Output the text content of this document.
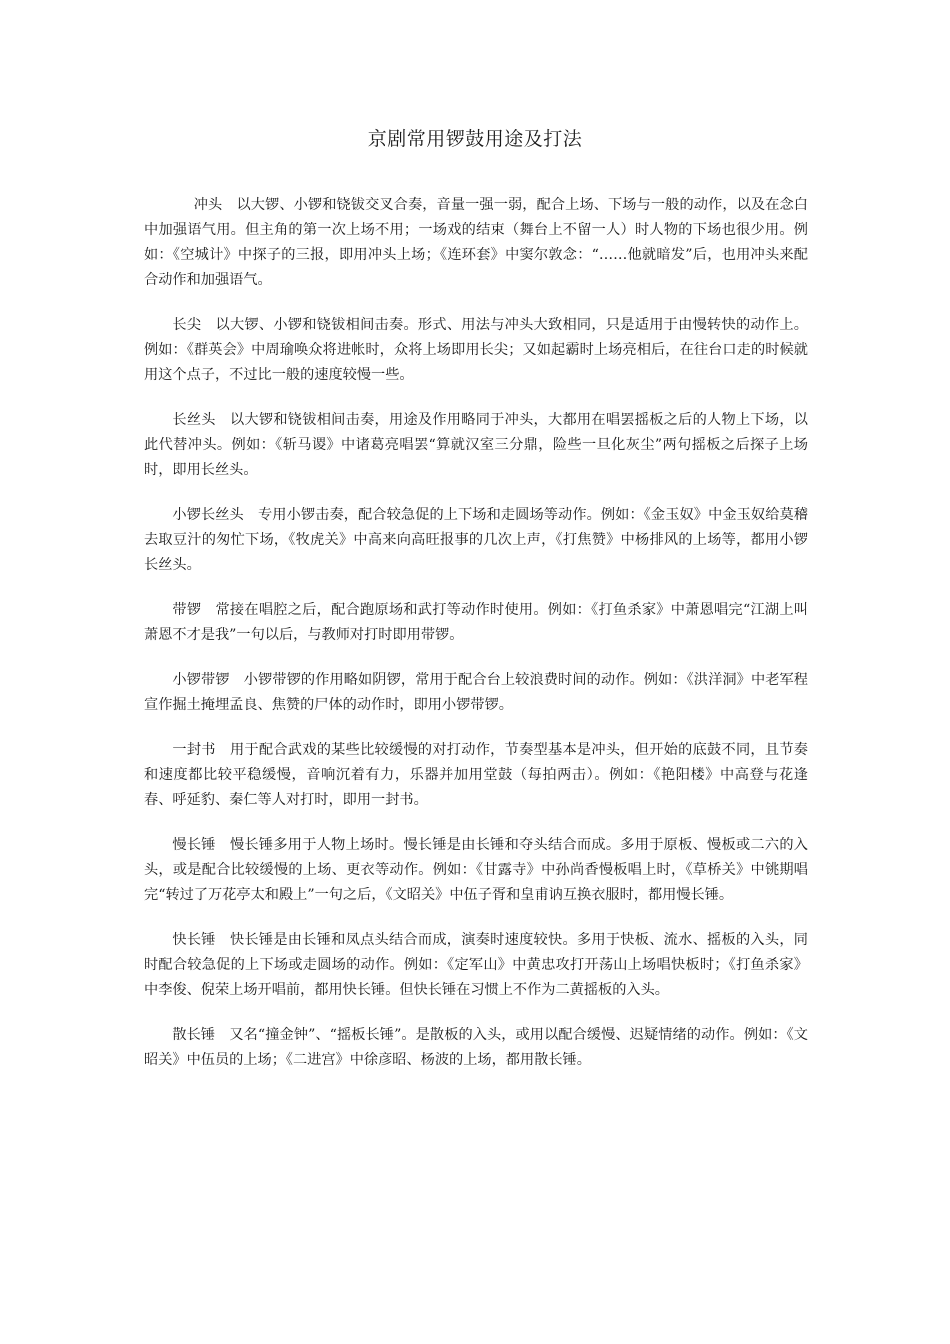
京剧常用锣鼓用途及打法

冲头 以大锣、小锣和铙钹交叉合奏，音量一强一弱，配合上场、下场与一般的动作，以及在念白中加强语气用。但主角的第一次上场不用；一场戏的结束（舞台上不留一人）时人物的下场也很少用。例如：《空城计》中探子的三报，即用冲头上场；《连环套》中窦尔敦念：“……他就暗发”后，也用冲头来配合动作和加强语气。

长尖 以大锣、小锣和铙钹相间击奏。形式、用法与冲头大致相同，只是适用于由慢转快的动作上。例如：《群英会》中周瑜唤众将进帐时，众将上场即用长尖；又如起霸时上场亮相后，在往台口走的时候就用这个点子，不过比一般的速度较慢一些。

长丝头 以大锣和铙钹相间击奏，用途及作用略同于冲头，大都用在唱罢摇板之后的人物上下场，以此代替冲头。例如：《斩马谡》中诸葛亮唱罢“算就汉室三分鼎，险些一旦化灰尘”两句摇板之后探子上场时，即用长丝头。

小锣长丝头 专用小锣击奏，配合较急促的上下场和走圆场等动作。例如：《金玉奴》中金玉奴给莫稽去取豆汁的匆忙下场，《牧虎关》中高来向高旺报事的几次上声，《打焦赞》中杨排风的上场等，都用小锣长丝头。

带锣 常接在唱腔之后，配合跑原场和武打等动作时使用。例如：《打鱼杀家》中萧恩唱完“江湖上叫萧恩不才是我”一句以后，与教师对打时即用带锣。

小锣带锣 小锣带锣的作用略如阴锣，常用于配合台上较浪费时间的动作。例如：《洪洋洞》中老军程宣作掘土掩埋孟良、焦赞的尸体的动作时，即用小锣带锣。

一封书 用于配合武戏的某些比较缓慢的对打动作，节奏型基本是冲头，但开始的底鼓不同，且节奏和速度都比较平稳缓慢，音响沉着有力，乐器并加用堂鼓（每拍两击）。例如：《艳阳楼》中高登与花逢春、呼延豹、秦仁等人对打时，即用一封书。

慢长锤 慢长锤多用于人物上场时。慢长锤是由长锤和夺头结合而成。多用于原板、慢板或二六的入头，或是配合比较缓慢的上场、更衣等动作。例如：《甘露寺》中孙尚香慢板唱上时，《草桥关》中铫期唱完“转过了万花亭太和殿上”一句之后，《文昭关》中伍子胥和皇甫讷互换衣服时，都用慢长锤。

快长锤 快长锤是由长锤和凤点头结合而成，演奏时速度较快。多用于快板、流水、摇板的入头，同时配合较急促的上下场或走圆场的动作。例如：《定军山》中黄忠攻打开荡山上场唱快板时；《打鱼杀家》中李俊、倪荣上场开唱前，都用快长锤。但快长锤在习惯上不作为二黄摇板的入头。

散长锤 又名“撞金钟”、“摇板长锤”。是散板的入头，或用以配合缓慢、迟疑情绪的动作。例如：《文昭关》中伍员的上场；《二进宫》中徐彦昭、杨波的上场，都用散长锤。
